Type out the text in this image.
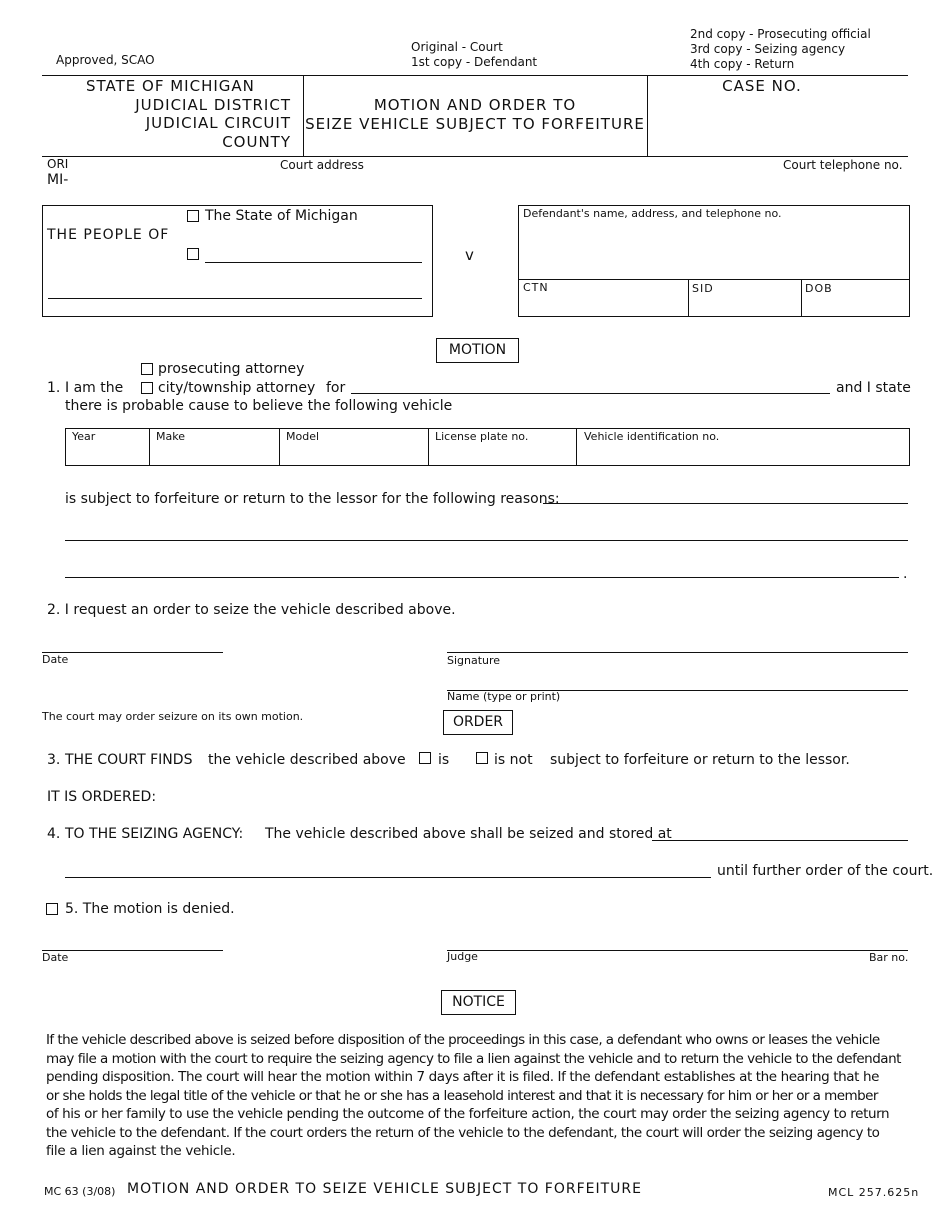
Approved, SCAO
Original - Court
1st copy - Defendant
2nd copy - Prosecuting official
3rd copy - Seizing agency
4th copy - Return
STATE OF MICHIGAN
JUDICIAL DISTRICT
JUDICIAL CIRCUIT
COUNTY
MOTION AND ORDER TO
SEIZE VEHICLE SUBJECT TO FORFEITURE
CASE NO.
ORI
MI-
Court address	Court telephone no.
THE PEOPLE OF
The State of Michigan
v
Defendant's name, address, and telephone no.
CTN	SID	DOB
MOTION
prosecuting attorney
1. I am the city/township attorney for	and I state
there is probable cause to believe the following vehicle
Year	Make	Model	License plate no.	Vehicle identification no.
is subject to forfeiture or return to the lessor for the following reasons:
.
2. I request an order to seize the vehicle described above.
Date	Signature
Name (type or print)
The court may order seizure on its own motion.	ORDER
3. THE COURT FINDS the vehicle described above is	is not subject to forfeiture or return to the lessor.
IT IS ORDERED:
4. TO THE SEIZING AGENCY: The vehicle described above shall be seized and stored at
until further order of the court.
5. The motion is denied.
Date	Judge	Bar no.
NOTICE
If the vehicle described above is seized before disposition of the proceedings in this case, a defendant who owns or leases the vehicle
may file a motion with the court to require the seizing agency to file a lien against the vehicle and to return the vehicle to the defendant
pending disposition. The court will hear the motion within 7 days after it is filed. If the defendant establishes at the hearing that he
or she holds the legal title of the vehicle or that he or she has a leasehold interest and that it is necessary for him or her or a member
of his or her family to use the vehicle pending the outcome of the forfeiture action, the court may order the seizing agency to return
the vehicle to the defendant. If the court orders the return of the vehicle to the defendant, the court will order the seizing agency to
file a lien against the vehicle.
MC 63 (3/08) MOTION AND ORDER TO SEIZE VEHICLE SUBJECT TO FORFEITURE	MCL 257.625n
